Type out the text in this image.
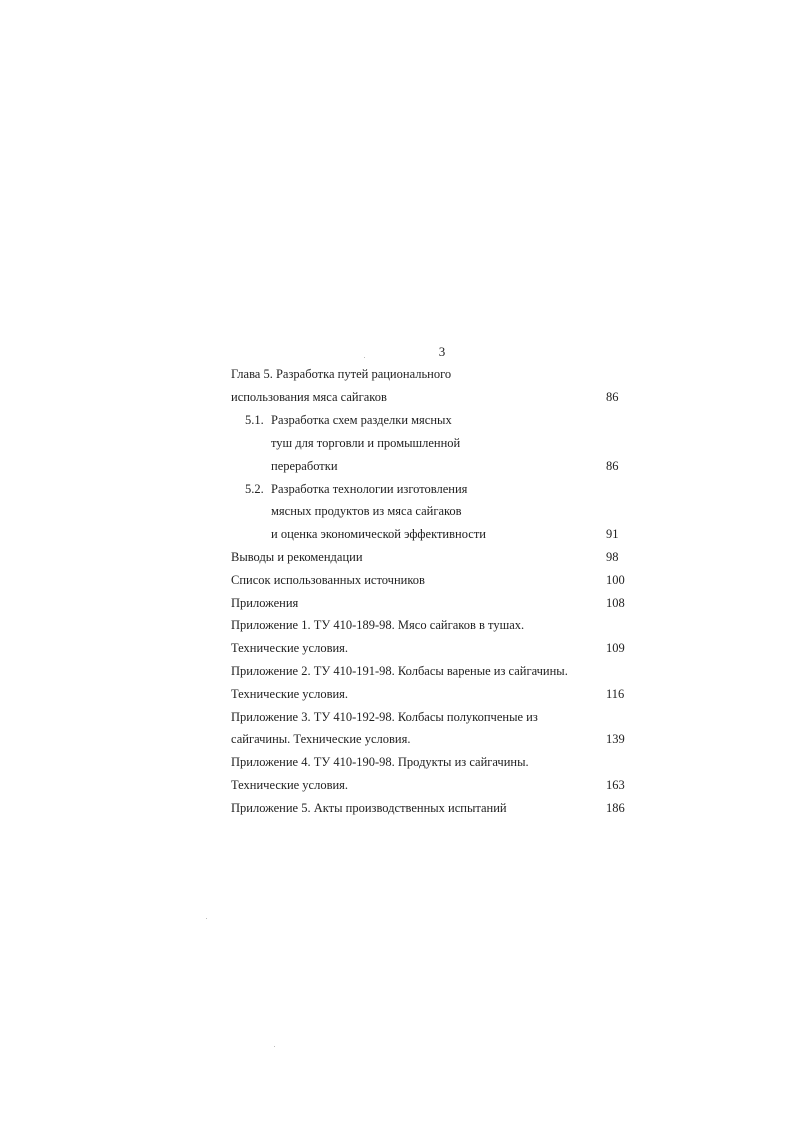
3
Глава 5. Разработка путей рационального
использования мяса сайгаков	86
5.1. Разработка схем разделки мясных
туш для торговли и промышленной
переработки	86
5.2. Разработка технологии изготовления
мясных продуктов из мяса сайгаков
и оценка экономической эффективности	91
Выводы и рекомендации	98
Список использованных источников	100
Приложения	108
Приложение 1. ТУ 410-189-98. Мясо сайгаков в тушах.
Технические условия.	109
Приложение 2. ТУ 410-191-98. Колбасы вареные из сайгачины.
Технические условия.	116
Приложение 3. ТУ 410-192-98. Колбасы полукопченые из
сайгачины. Технические условия.	139
Приложение 4. ТУ 410-190-98. Продукты из сайгачины.
Технические условия.	163
Приложение 5. Акты производственных испытаний	186
